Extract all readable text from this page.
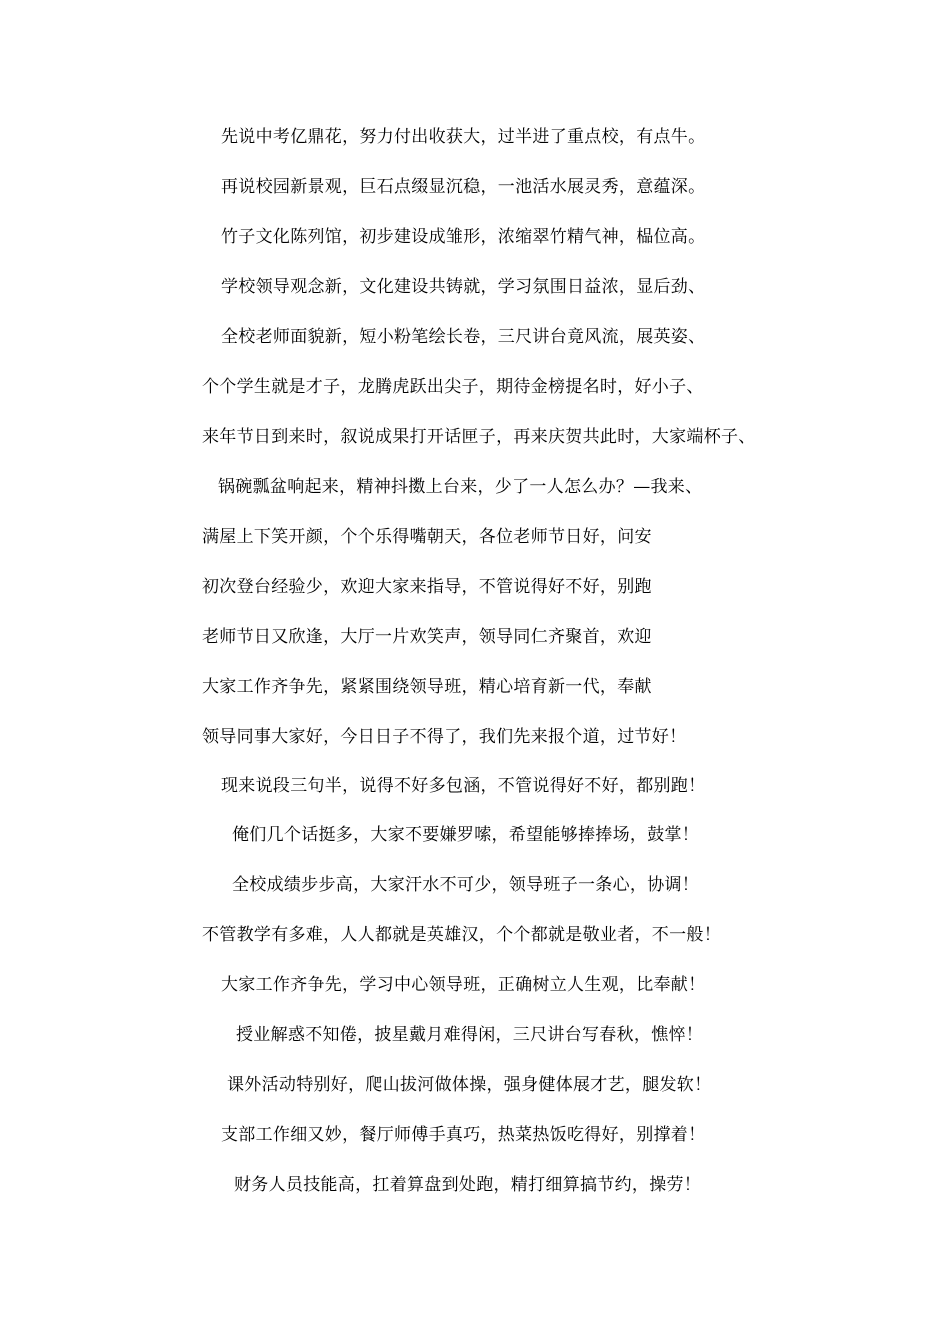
先说中考亿鼎花，努力付出收获大，过半进了重点校，有点牛。
再说校园新景观，巨石点缀显沉稳，一池活水展灵秀，意蕴深。
竹子文化陈列馆，初步建设成雏形，浓缩翠竹精气神，榀位高。
学校领导观念新，文化建设共铸就，学习氛围日益浓，显后劲、
全校老师面貌新，短小粉笔绘长卷，三尺讲台竟风流，展英姿、
个个学生就是才子，龙腾虎跃出尖子，期待金榜提名时，好小子、
来年节日到来时，叙说成果打开话匣子，再来庆贺共此时，大家端杯子、
锅碗瓢盆响起来，精神抖擞上台来，少了一人怎么办？—我来、
满屋上下笑开颜，个个乐得嘴朝天，各位老师节日好，问安
初次登台经验少，欢迎大家来指导，不管说得好不好，别跑
老师节日又欣逢，大厅一片欢笑声，领导同仁齐聚首，欢迎
大家工作齐争先，紧紧围绕领导班，精心培育新一代，奉献
领导同事大家好，今日日子不得了，我们先来报个道，过节好！
现来说段三句半，说得不好多包涵，不管说得好不好，都别跑！
俺们几个话挺多，大家不要嫌罗嗦，希望能够捧捧场，鼓掌！
全校成绩步步高，大家汗水不可少，领导班子一条心，协调！
不管教学有多难，人人都就是英雄汉，个个都就是敬业者，不一般！
大家工作齐争先，学习中心领导班，正确树立人生观，比奉献！
授业解惑不知倦，披星戴月难得闲，三尺讲台写春秋，憔悴！
课外活动特别好，爬山拔河做体操，强身健体展才艺，腿发软！
支部工作细又妙，餐厅师傅手真巧，热菜热饭吃得好，别撑着！
财务人员技能高，扛着算盘到处跑，精打细算搞节约，操劳！
